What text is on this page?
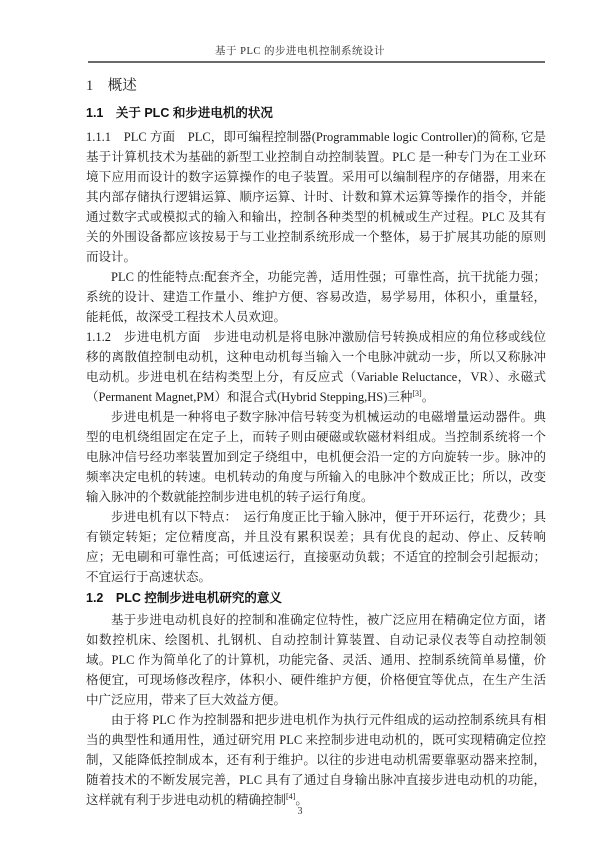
基于 PLC 的步进电机控制系统设计
1　概述
1.1　关于 PLC 和步进电机的状况

1.1.1　PLC 方面　PLC，即可编程控制器(Programmable logic Controller)的简称, 它是基于计算机技术为基础的新型工业控制自动控制装置。PLC 是一种专门为在工业环境下应用而设计的数字运算操作的电子装置。采用可以编制程序的存储器，用来在其内部存储执行逻辑运算、顺序运算、计时、计数和算术运算等操作的指令，并能通过数字式或模拟式的输入和输出，控制各种类型的机械或生产过程。PLC 及其有关的外围设备都应该按易于与工业控制系统形成一个整体，易于扩展其功能的原则而设计。

PLC 的性能特点:配套齐全，功能完善，适用性强；可靠性高，抗干扰能力强；系统的设计、建造工作量小、维护方便、容易改造，易学易用，体积小，重量轻，能耗低，故深受工程技术人员欢迎。

1.1.2　步进电机方面　步进电动机是将电脉冲激励信号转换成相应的角位移或线位移的离散值控制电动机，这种电动机每当输入一个电脉冲就动一步，所以又称脉冲电动机。步进电机在结构类型上分，有反应式（Variable Reluctance，VR）、永磁式（Permanent Magnet,PM）和混合式(Hybrid Stepping,HS)三种[3]。

步进电机是一种将电子数字脉冲信号转变为机械运动的电磁增量运动器件。典型的电机绕组固定在定子上，而转子则由硬磁或软磁材料组成。当控制系统将一个电脉冲信号经功率装置加到定子绕组中，电机便会沿一定的方向旋转一步。脉冲的频率决定电机的转速。电机转动的角度与所输入的电脉冲个数成正比；所以，改变输入脉冲的个数就能控制步进电机的转子运行角度。

步进电机有以下特点：　运行角度正比于输入脉冲，便于开环运行，花费少；具有锁定转矩；定位精度高，并且没有累积误差；具有优良的起动、停止、反转响应；无电刷和可靠性高；可低速运行，直接驱动负载；不适宜的控制会引起振动；不宜运行于高速状态。

1.2　PLC 控制步进电机研究的意义

基于步进电动机良好的控制和准确定位特性，被广泛应用在精确定位方面，诸如数控机床、绘图机、扎钢机、自动控制计算装置、自动记录仪表等自动控制领域。PLC 作为简单化了的计算机，功能完备、灵活、通用、控制系统简单易懂，价格便宜，可现场修改程序，体积小、硬件维护方便，价格便宜等优点，在生产生活中广泛应用，带来了巨大效益方便。

由于将 PLC 作为控制器和把步进电机作为执行元件组成的运动控制系统具有相当的典型性和通用性，通过研究用 PLC 来控制步进电动机的，既可实现精确定位控制，又能降低控制成本，还有利于维护。以往的步进电动机需要靠驱动器来控制，随着技术的不断发展完善，PLC 具有了通过自身输出脉冲直接步进电动机的功能，这样就有利于步进电动机的精确控制[4]。

3
